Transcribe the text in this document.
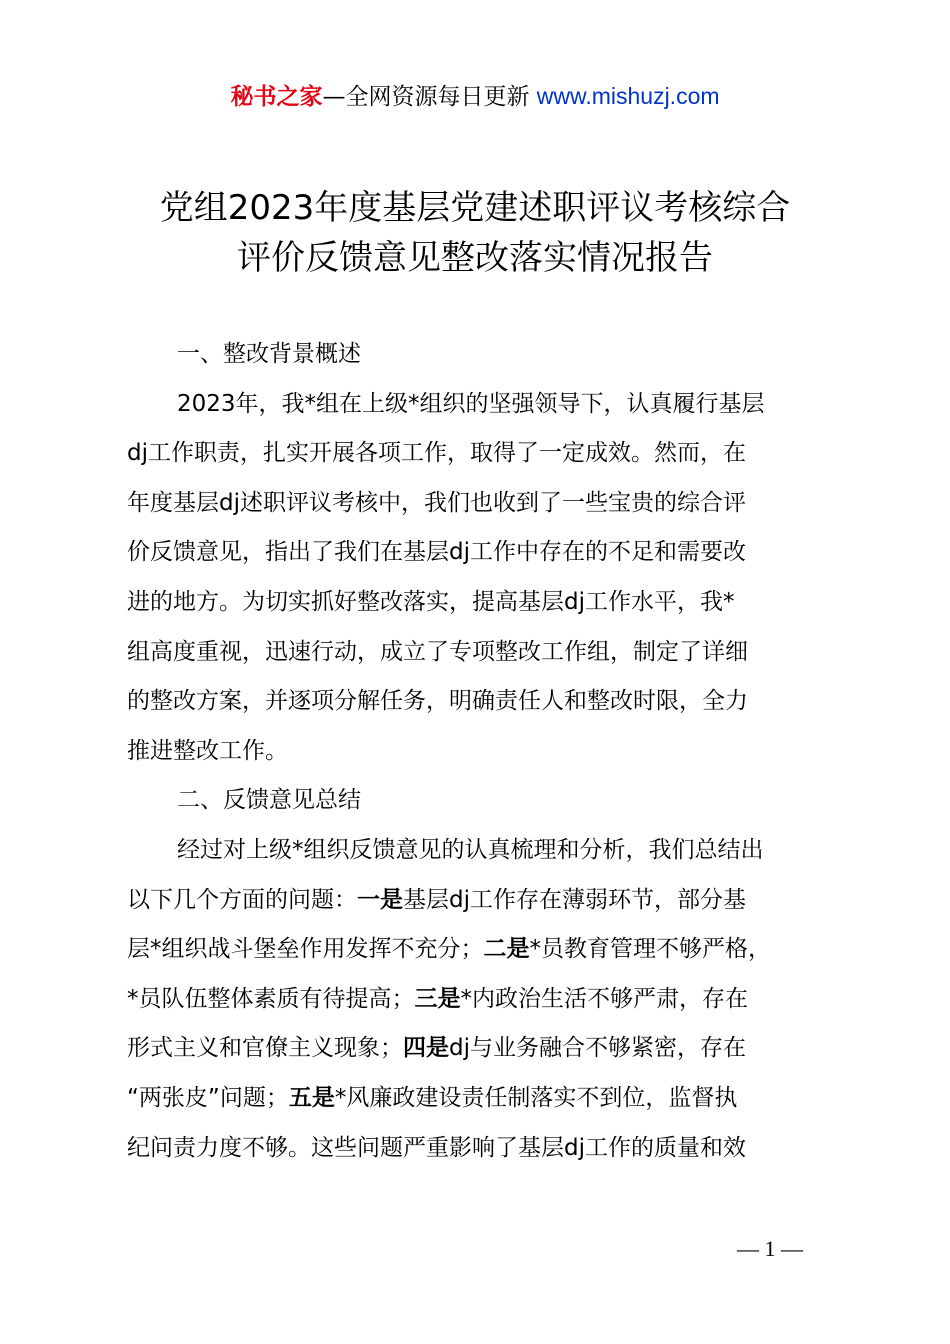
秘书之家—全网资源每日更新 www.mishuzj.com
党组2023年度基层党建述职评议考核综合
评价反馈意见整改落实情况报告
一、整改背景概述
2023年，我*组在上级*组织的坚强领导下，认真履行基层
dj工作职责，扎实开展各项工作，取得了一定成效。然而，在
年度基层dj述职评议考核中，我们也收到了一些宝贵的综合评
价反馈意见，指出了我们在基层dj工作中存在的不足和需要改
进的地方。为切实抓好整改落实，提高基层dj工作水平，我*
组高度重视，迅速行动，成立了专项整改工作组，制定了详细
的整改方案，并逐项分解任务，明确责任人和整改时限，全力
推进整改工作。
二、反馈意见总结
经过对上级*组织反馈意见的认真梳理和分析，我们总结出
以下几个方面的问题：一是基层dj工作存在薄弱环节，部分基
层*组织战斗堡垒作用发挥不充分；二是*员教育管理不够严格，
*员队伍整体素质有待提高；三是*内政治生活不够严肃，存在
形式主义和官僚主义现象；四是dj与业务融合不够紧密，存在
“两张皮”问题；五是*风廉政建设责任制落实不到位，监督执
纪问责力度不够。这些问题严重影响了基层dj工作的质量和效
— 1 —
